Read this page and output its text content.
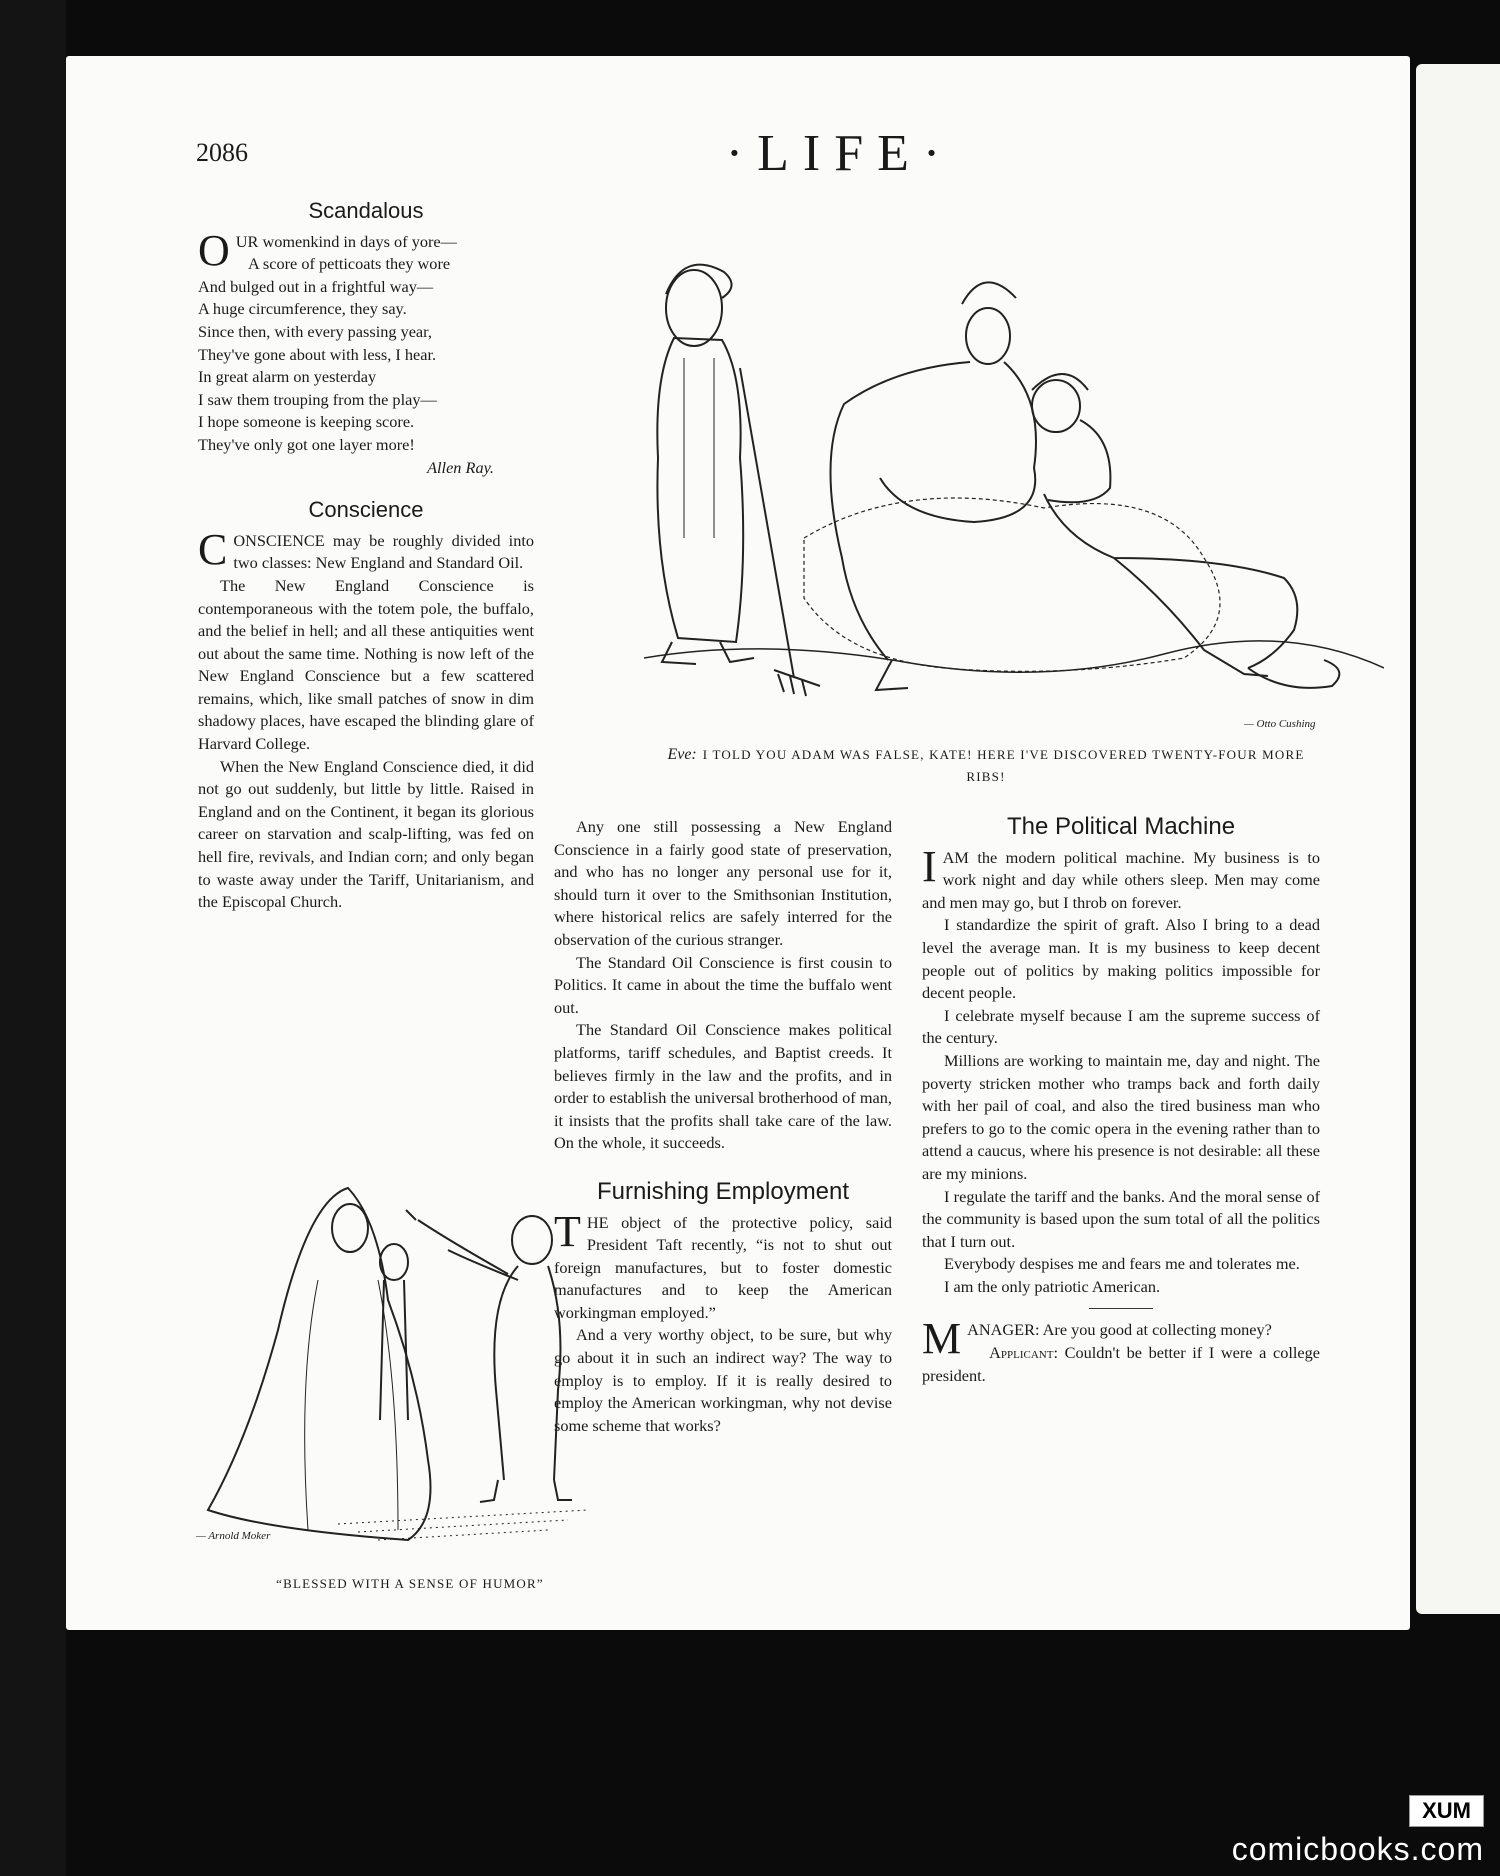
2086	·LIFE·
Scandalous
O UR womenkind in days of yore—
A score of petticoats they wore
And bulged out in a frightful way—
A huge circumference, they say.
Since then, with every passing year,
They've gone about with less, I hear.
In great alarm on yesterday
I saw them trouping from the play—
I hope someone is keeping score.
They've only got one layer more!
Allen Ray.
Conscience

CONSCIENCE may be roughly divided into two classes: New England and Standard Oil.

The New England Conscience is contemporaneous with the totem pole, the buffalo, and the belief in hell; and all these antiquities went out about the same time. Nothing is now left of the New England Conscience but a few scattered remains, which, like small patches of snow in dim shadowy places, have escaped the blinding glare of Harvard College.

When the New England Conscience died, it did not go out suddenly, but little by little. Raised in England and on the Continent, it began its glorious career on starvation and scalp-lifting, was fed on hell fire, revivals, and Indian corn; and only began to waste away under the Tariff, Unitarianism, and the Episcopal Church.

Any one still possessing a New England Conscience in a fairly good state of preservation, and who has no longer any personal use for it, should turn it over to the Smithsonian Institution, where historical relics are safely interred for the observation of the curious stranger.

The Standard Oil Conscience is first cousin to Politics. It came in about the time the buffalo went out.

The Standard Oil Conscience makes political platforms, tariff schedules, and Baptist creeds. It believes firmly in the law and the profits, and in order to establish the universal brotherhood of man, it insists that the profits shall take care of the law. On the whole, it succeeds.

Furnishing Employment

THE object of the protective policy, said President Taft recently, “is not to shut out foreign manufactures, but to foster domestic manufactures and to keep the American workingman employed.”

And a very worthy object, to be sure, but why go about it in such an indirect way? The way to employ is to employ. If it is really desired to employ the American workingman, why not devise some scheme that works?

The Political Machine

IAM the modern political machine. My business is to work night and day while others sleep. Men may come and men may go, but I throb on forever.

I standardize the spirit of graft. Also I bring to a dead level the average man. It is my business to keep decent people out of politics by making politics impossible for decent people.

I celebrate myself because I am the supreme success of the century.

Millions are working to maintain me, day and night. The poverty stricken mother who tramps back and forth daily with her pail of coal, and also the tired business man who prefers to go to the comic opera in the evening rather than to attend a caucus, where his presence is not desirable: all these are my minions.

I regulate the tariff and the banks. And the moral sense of the community is based upon the sum total of all the politics that I turn out.

Everybody despises me and fears me and tolerates me.

I am the only patriotic American.

MANAGER: Are you good at collecting money?

Applicant: Couldn't be better if I were a college president.

— Otto Cushing
Eve: I TOLD YOU ADAM WAS FALSE, KATE! HERE I'VE DISCOVERED TWENTY-FOUR MORE RIBS!
— Arnold Moker
“BLESSED WITH A SENSE OF HUMOR”
XUM
comicbooks.com
